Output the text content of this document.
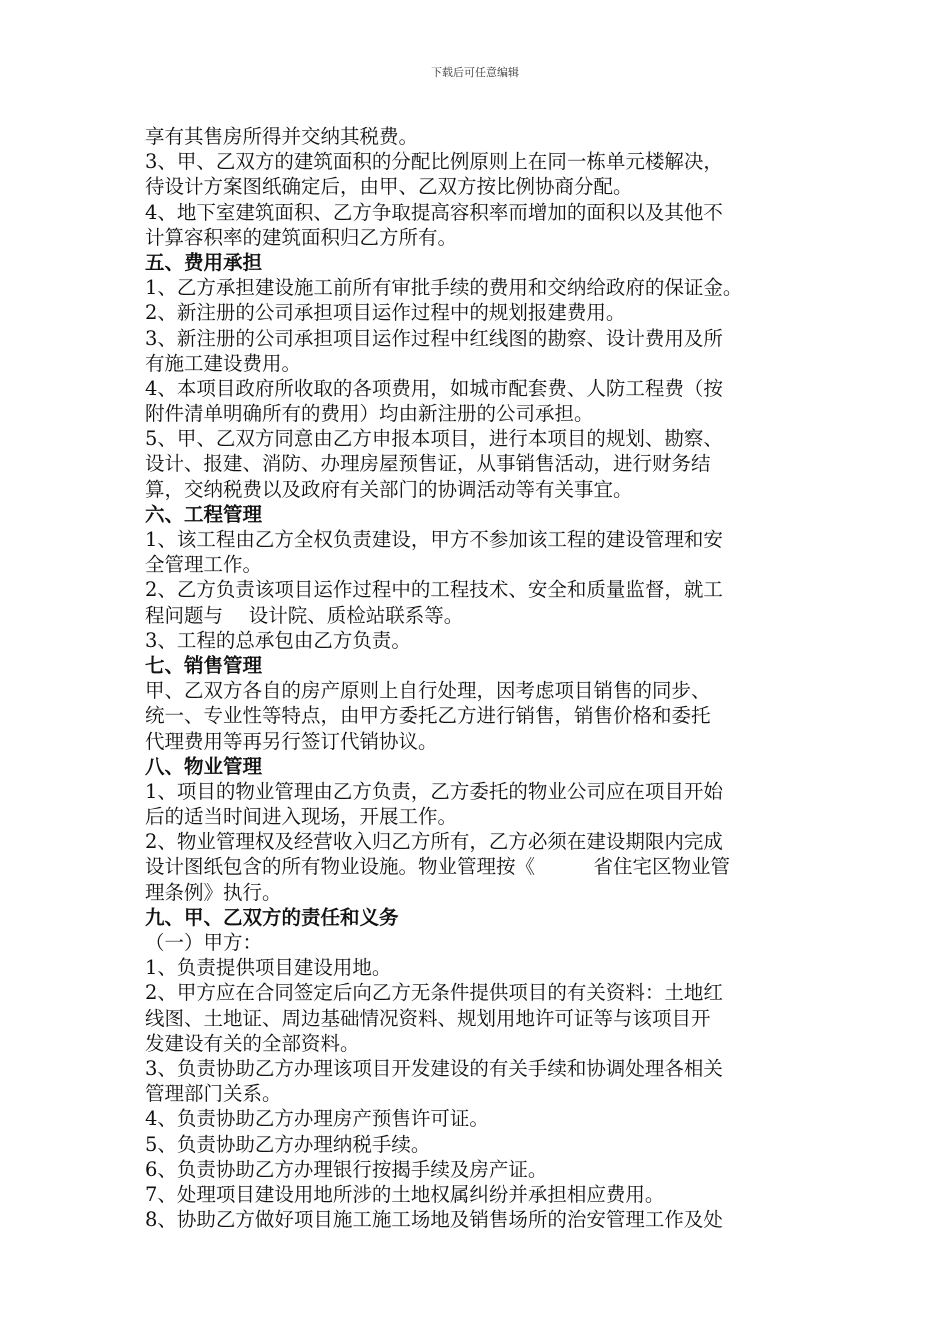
下载后可任意编辑
享有其售房所得并交纳其税费。
3、甲、乙双方的建筑面积的分配比例原则上在同一栋单元楼解决，
待设计方案图纸确定后，由甲、乙双方按比例协商分配。
4、地下室建筑面积、乙方争取提高容积率而增加的面积以及其他不
计算容积率的建筑面积归乙方所有。
五、费用承担
1、乙方承担建设施工前所有审批手续的费用和交纳给政府的保证金。
2、新注册的公司承担项目运作过程中的规划报建费用。
3、新注册的公司承担项目运作过程中红线图的勘察、设计费用及所
有施工建设费用。
4、本项目政府所收取的各项费用，如城市配套费、人防工程费（按
附件清单明确所有的费用）均由新注册的公司承担。
5、甲、乙双方同意由乙方申报本项目，进行本项目的规划、勘察、
设计、报建、消防、办理房屋预售证，从事销售活动，进行财务结
算，交纳税费以及政府有关部门的协调活动等有关事宜。
六、工程管理
1、该工程由乙方全权负责建设，甲方不参加该工程的建设管理和安
全管理工作。
2、乙方负责该项目运作过程中的工程技术、安全和质量监督，就工
程问题与　 设计院、质检站联系等。
3、工程的总承包由乙方负责。
七、销售管理
甲、乙双方各自的房产原则上自行处理，因考虑项目销售的同步、
统一、专业性等特点，由甲方委托乙方进行销售，销售价格和委托
代理费用等再另行签订代销协议。
八、物业管理
1、项目的物业管理由乙方负责，乙方委托的物业公司应在项目开始
后的适当时间进入现场，开展工作。
2、物业管理权及经营收入归乙方所有，乙方必须在建设期限内完成
设计图纸包含的所有物业设施。物业管理按《　　　省住宅区物业管
理条例》执行。
九、甲、乙双方的责任和义务
（一）甲方：
1、负责提供项目建设用地。
2、甲方应在合同签定后向乙方无条件提供项目的有关资料：土地红
线图、土地证、周边基础情况资料、规划用地许可证等与该项目开
发建设有关的全部资料。
3、负责协助乙方办理该项目开发建设的有关手续和协调处理各相关
管理部门关系。
4、负责协助乙方办理房产预售许可证。
5、负责协助乙方办理纳税手续。
6、负责协助乙方办理银行按揭手续及房产证。
7、处理项目建设用地所涉的土地权属纠纷并承担相应费用。
8、协助乙方做好项目施工施工场地及销售场所的治安管理工作及处
